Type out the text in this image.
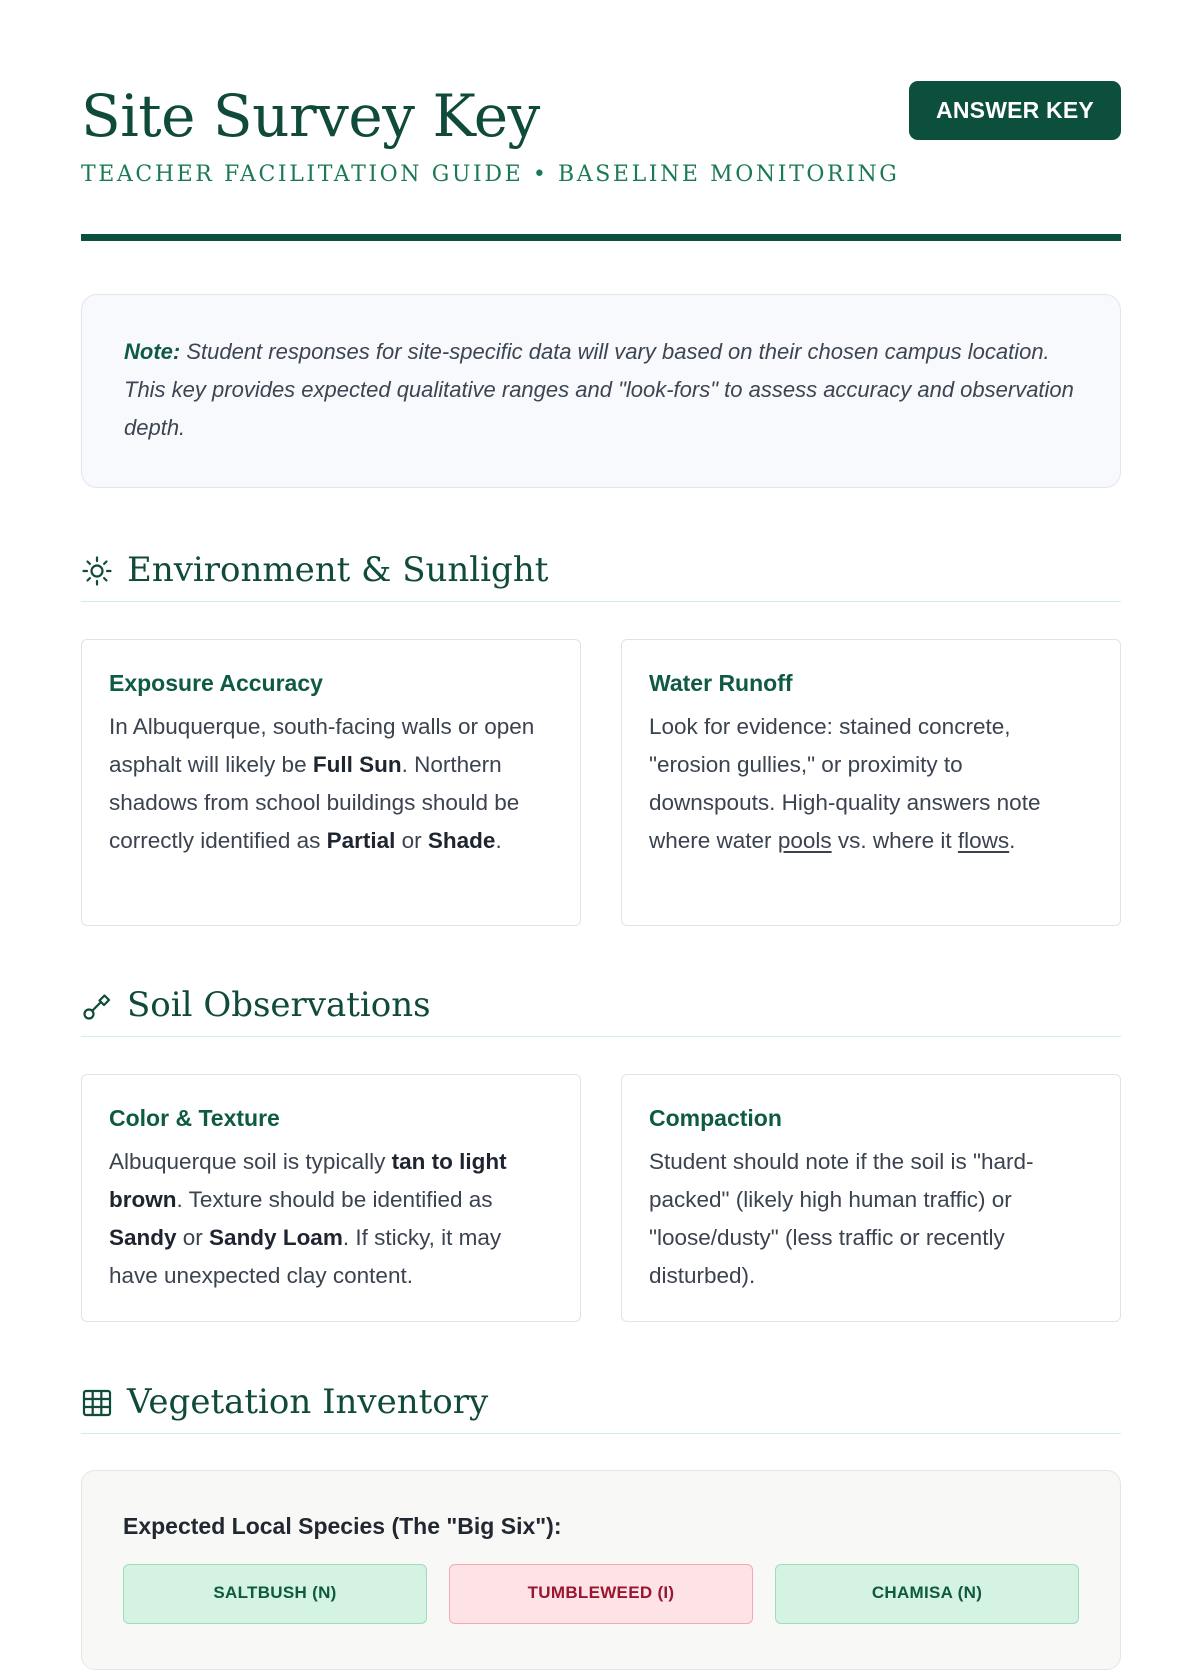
Site Survey Key
TEACHER FACILITATION GUIDE • BASELINE MONITORING
ANSWER KEY
Note: Student responses for site-specific data will vary based on their chosen campus location. This key provides expected qualitative ranges and "look-fors" to assess accuracy and observation depth.
Environment & Sunlight
Exposure Accuracy

In Albuquerque, south-facing walls or open asphalt will likely be Full Sun. Northern shadows from school buildings should be correctly identified as Partial or Shade.

Water Runoff

Look for evidence: stained concrete, "erosion gullies," or proximity to downspouts. High-quality answers note where water pools vs. where it flows.

Soil Observations
Color & Texture

Albuquerque soil is typically tan to light brown. Texture should be identified as Sandy or Sandy Loam. If sticky, it may have unexpected clay content.

Compaction

Student should note if the soil is "hard-packed" (likely high human traffic) or "loose/dusty" (less traffic or recently disturbed).

Vegetation Inventory
Expected Local Species (The "Big Six"):
SALTBUSH (N)	TUMBLEWEED (I)	CHAMISA (N)
